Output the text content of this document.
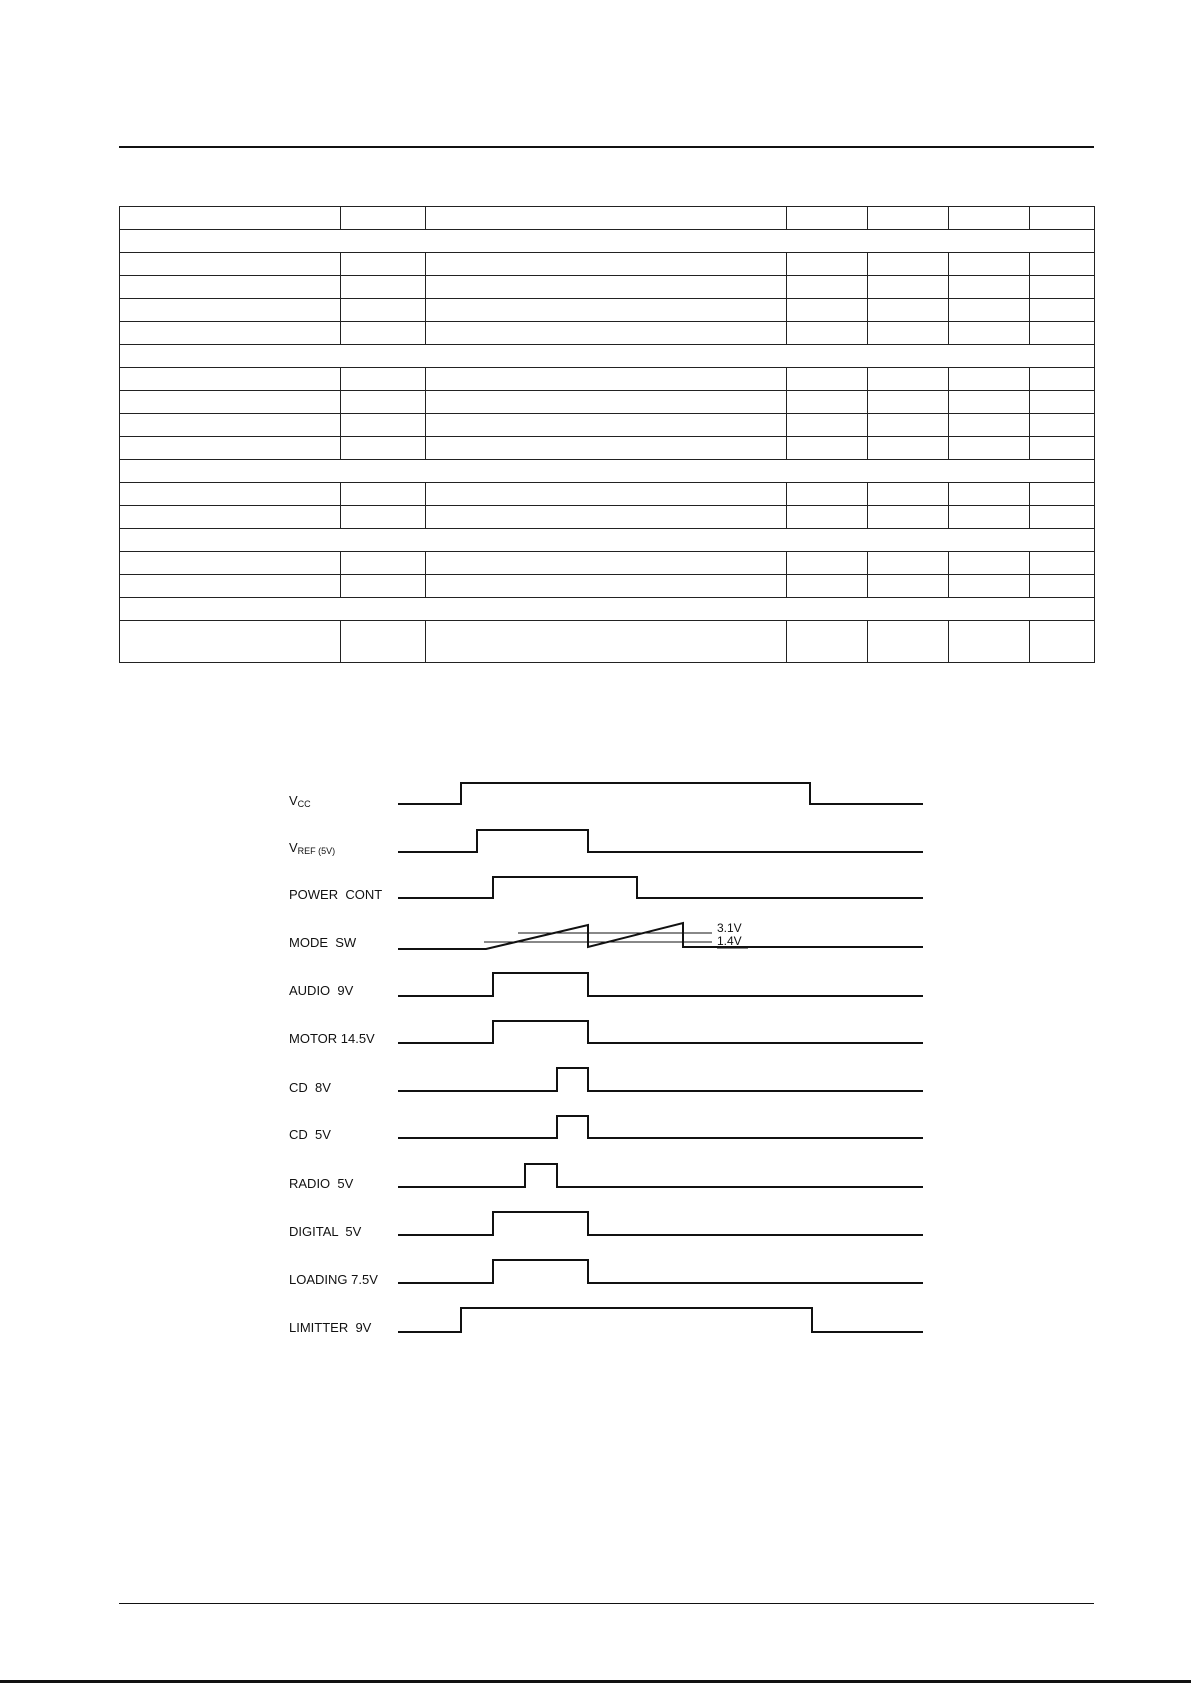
VCC
VREF (5V)
POWER  CONT
MODE  SW
AUDIO  9V
MOTOR 14.5V
CD  8V
CD  5V
RADIO  5V
DIGITAL  5V
LOADING 7.5V
LIMITTER  9V
3.1V
1.4V
